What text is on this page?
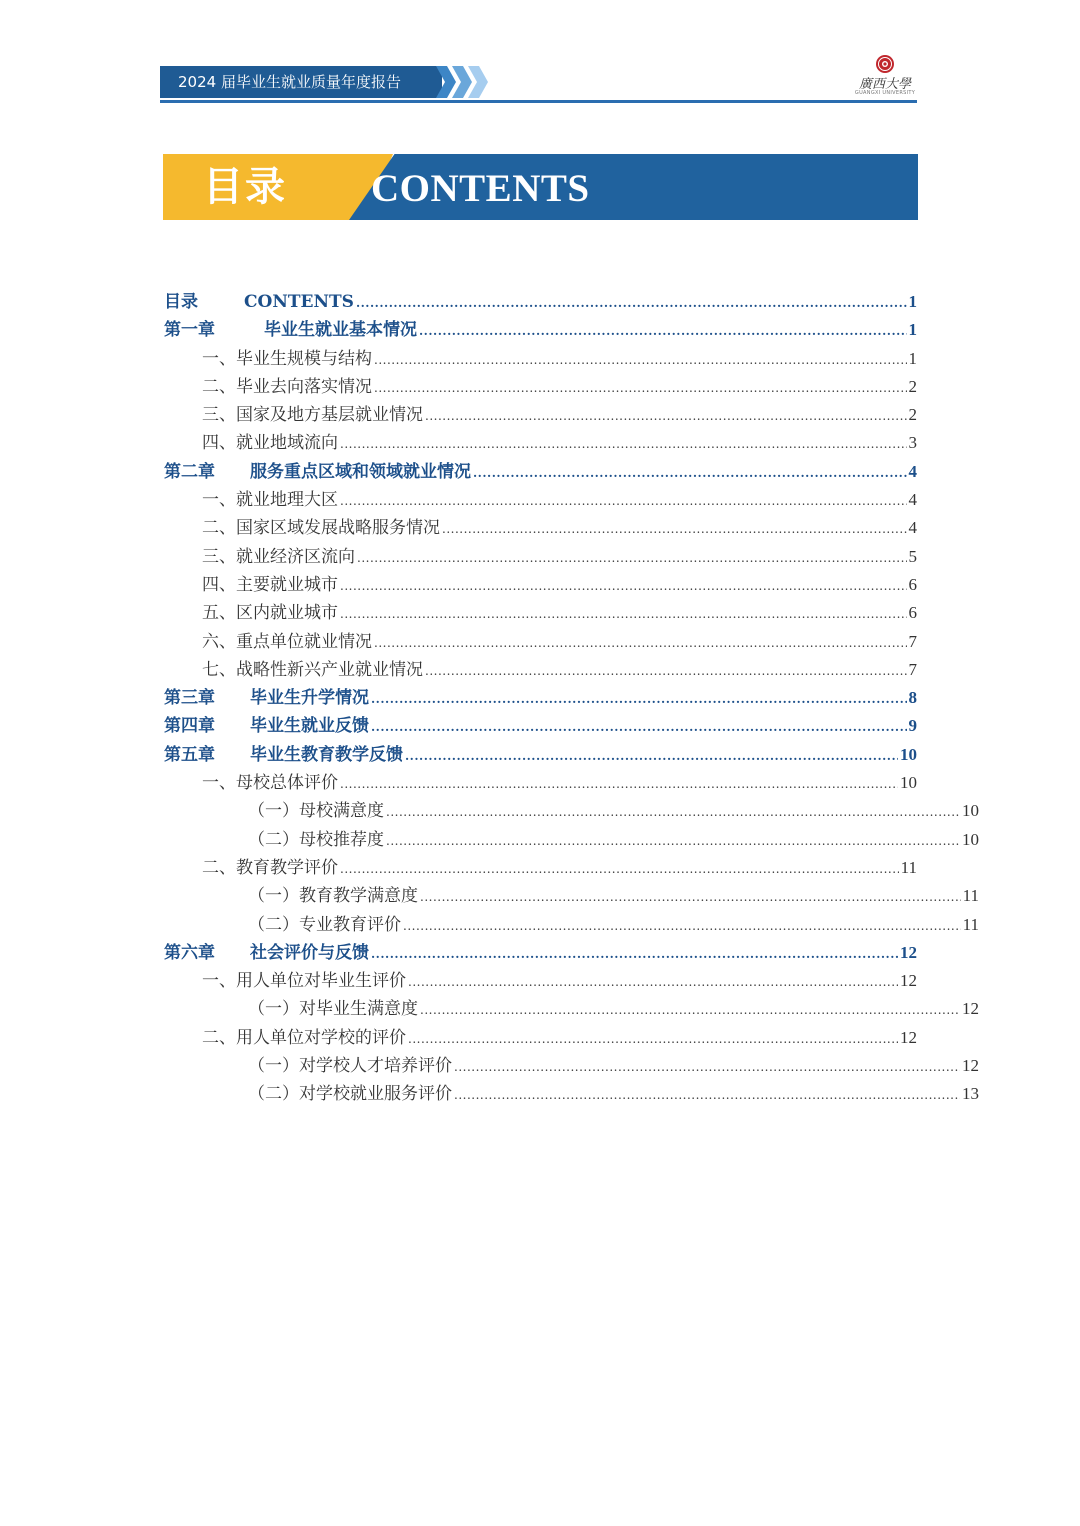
2024 届毕业生就业质量年度报告	廣西大學
GUANGXI UNIVERSITY
目录 CONTENTS
目录	CONTENTS .....	1
第一章	毕业生就业基本情况 .....	1
一、毕业生规模与结构 .....	1
二、毕业去向落实情况 .....	2
三、国家及地方基层就业情况 .....	2
四、就业地域流向 .....	3
第二章	服务重点区域和领域就业情况 .....	4
一、就业地理大区 .....	4
二、国家区域发展战略服务情况 .....	4
三、就业经济区流向 .....	5
四、主要就业城市 .....	6
五、区内就业城市 .....	6
六、重点单位就业情况 .....	7
七、战略性新兴产业就业情况 .....	7
第三章	毕业生升学情况 .....	8
第四章	毕业生就业反馈 .....	9
第五章	毕业生教育教学反馈 .....	10
一、母校总体评价 .....	10
（一）母校满意度 .....	10
（二）母校推荐度 .....	10
二、教育教学评价 .....	11
（一）教育教学满意度 .....	11
（二）专业教育评价 .....	11
第六章	社会评价与反馈 .....	12
一、用人单位对毕业生评价 .....	12
（一）对毕业生满意度 .....	12
二、用人单位对学校的评价 .....	12
（一）对学校人才培养评价 .....	12
（二）对学校就业服务评价 .....	13
